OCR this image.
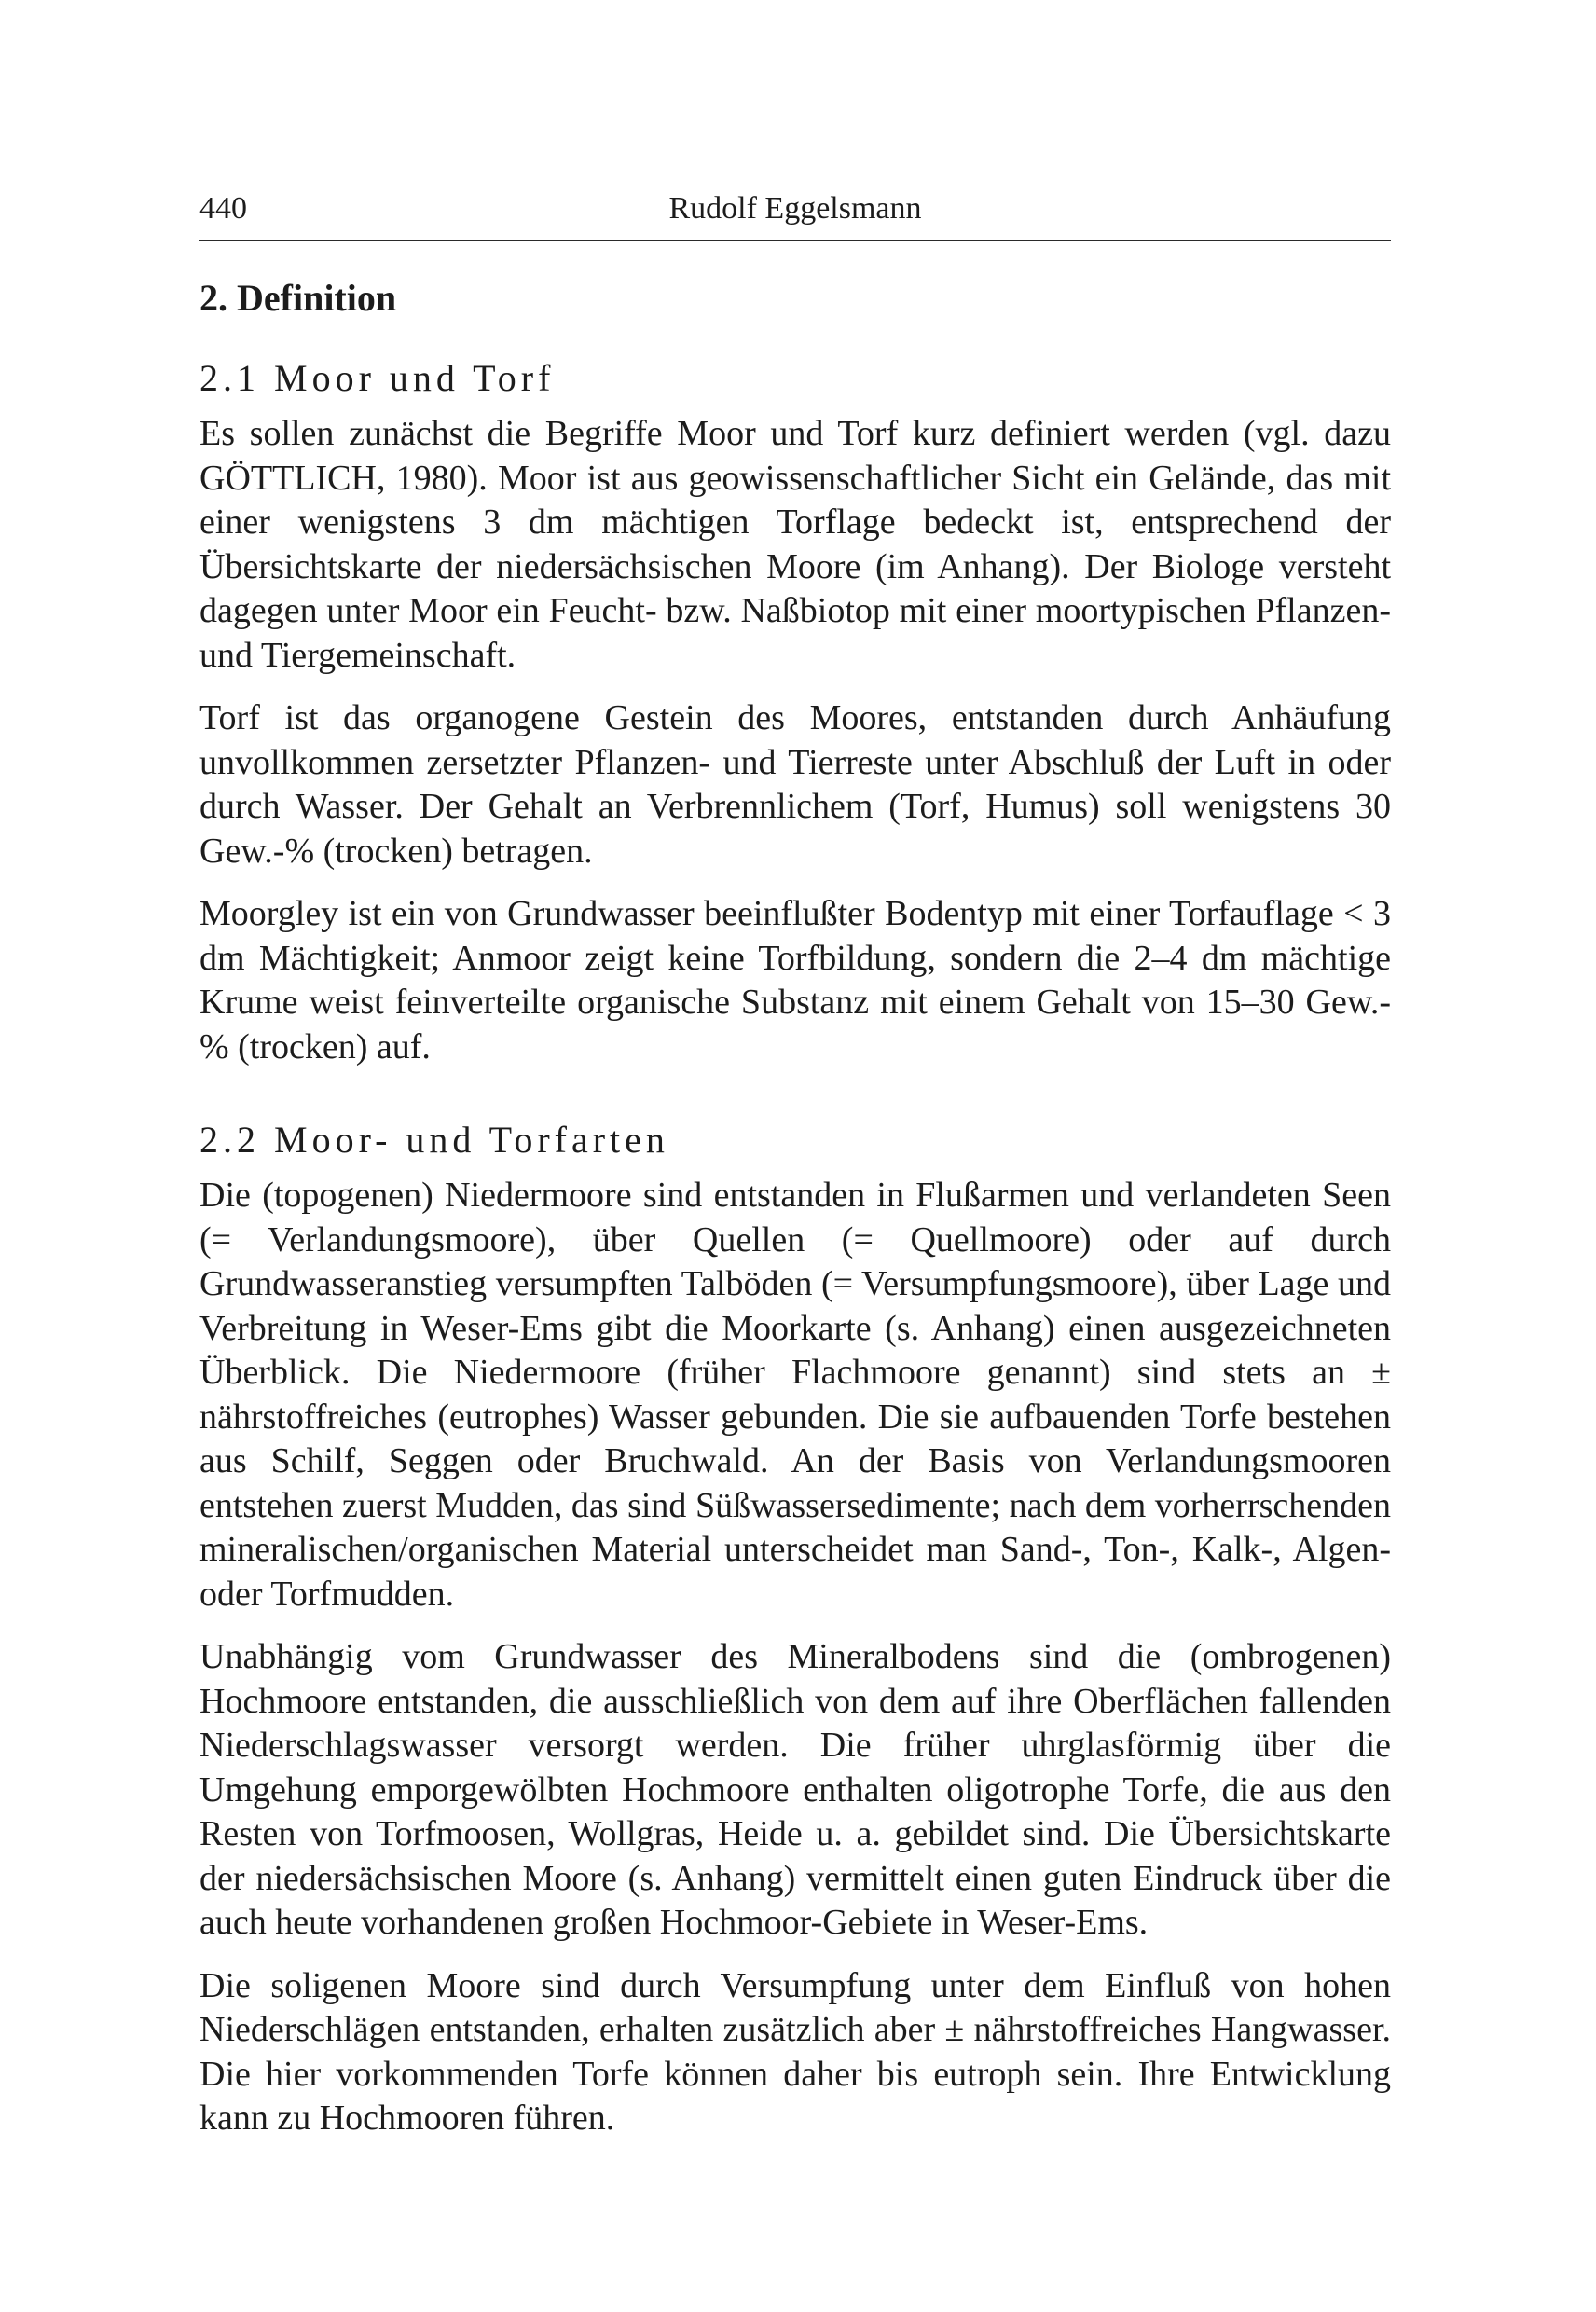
440	Rudolf Eggelsmann
2. Definition
2.1 Moor und Torf

Es sollen zunächst die Begriffe Moor und Torf kurz definiert werden (vgl. dazu GÖTTLICH, 1980). Moor ist aus geowissenschaftlicher Sicht ein Gelände, das mit einer wenigstens 3 dm mächtigen Torflage bedeckt ist, entsprechend der Übersichtskarte der niedersächsischen Moore (im Anhang). Der Biologe versteht dagegen unter Moor ein Feucht- bzw. Naßbiotop mit einer moortypischen Pflanzen- und Tiergemeinschaft.

Torf ist das organogene Gestein des Moores, entstanden durch Anhäufung unvollkommen zersetzter Pflanzen- und Tierreste unter Abschluß der Luft in oder durch Wasser. Der Gehalt an Verbrennlichem (Torf, Humus) soll wenigstens 30 Gew.-% (trocken) betragen.

Moorgley ist ein von Grundwasser beeinflußter Bodentyp mit einer Torfauflage < 3 dm Mächtigkeit; Anmoor zeigt keine Torfbildung, sondern die 2–4 dm mächtige Krume weist feinverteilte organische Substanz mit einem Gehalt von 15–30 Gew.-% (trocken) auf.

2.2 Moor- und Torfarten

Die (topogenen) Niedermoore sind entstanden in Flußarmen und verlandeten Seen (= Verlandungsmoore), über Quellen (= Quellmoore) oder auf durch Grundwasseranstieg versumpften Talböden (= Versumpfungsmoore), über Lage und Verbreitung in Weser-Ems gibt die Moorkarte (s. Anhang) einen ausgezeichneten Überblick. Die Niedermoore (früher Flachmoore genannt) sind stets an ± nährstoffreiches (eutrophes) Wasser gebunden. Die sie aufbauenden Torfe bestehen aus Schilf, Seggen oder Bruchwald. An der Basis von Verlandungsmooren entstehen zuerst Mudden, das sind Süßwassersedimente; nach dem vorherrschenden mineralischen/organischen Material unterscheidet man Sand-, Ton-, Kalk-, Algen- oder Torfmudden.

Unabhängig vom Grundwasser des Mineralbodens sind die (ombrogenen) Hochmoore entstanden, die ausschließlich von dem auf ihre Oberflächen fallenden Niederschlagswasser versorgt werden. Die früher uhrglasförmig über die Umgehung emporgewölbten Hochmoore enthalten oligotrophe Torfe, die aus den Resten von Torfmoosen, Wollgras, Heide u. a. gebildet sind. Die Übersichtskarte der niedersächsischen Moore (s. Anhang) vermittelt einen guten Eindruck über die auch heute vorhandenen großen Hochmoor-Gebiete in Weser-Ems.

Die soligenen Moore sind durch Versumpfung unter dem Einfluß von hohen Niederschlägen entstanden, erhalten zusätzlich aber ± nährstoffreiches Hangwasser. Die hier vorkommenden Torfe können daher bis eutroph sein. Ihre Entwicklung kann zu Hochmooren führen.
